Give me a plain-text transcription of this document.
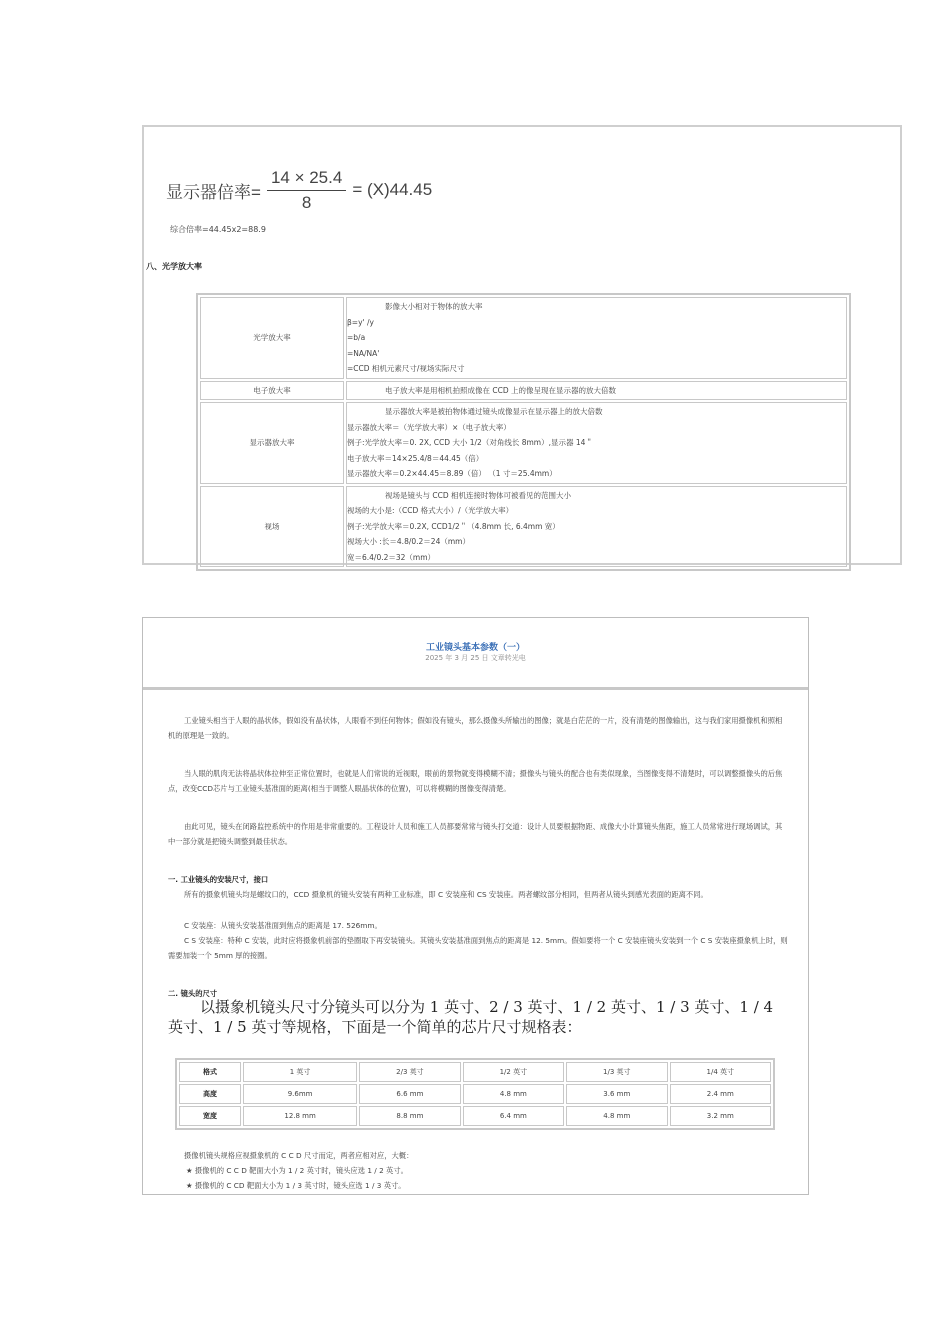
显示器倍率= $\frac{14 \times 25.4}{8} = (X)44.45$
综合倍率=44.45x2=88.9
八、光学放大率
光学放大率	影像大小相对于物体的放大率
β=y' /y
=b/a
=NA/NA'
=CCD 相机元素尺寸/视场实际尺寸

电子放大率	电子放大率是用相机拍照成像在 CCD 上的像呈现在显示器的放大倍数

显示器放大率	显示器放大率是被拍物体通过镜头成像显示在显示器上的放大倍数
显示器放大率＝（光学放大率）×（电子放大率）
例子:光学放大率＝0. 2X, CCD 大小 1/2（对角线长 8mm）,显示器 14＂
电子放大率＝14×25.4/8＝44.45（倍）
显示器放大率＝0.2×44.45＝8.89（倍） （1 寸＝25.4mm）

视场	视场是镜头与 CCD 相机连接时物体可被看见的范围大小
视场的大小是:（CCD 格式大小）/（光学放大率）
例子:光学放大率＝0.2X, CCD1/2＂（4.8mm 长, 6.4mm 宽）
视场大小 :长＝4.8/0.2＝24（mm）
宽＝6.4/0.2＝32（mm）
工业镜头基本参数（一）
2025 年 3 月 25 日 文章转光电
工业镜头相当于人眼的晶状体，假如没有晶状体，人眼看不到任何物体；假如没有镜头，那么摄像头所输出的图像；就是白茫茫的一片，没有清楚的图像输出，这与我们家用摄像机和照相机的原理是一致的。
当人眼的肌肉无法将晶状体拉伸至正常位置时，也就是人们常说的近视眼，眼前的景物就变得模糊不清；摄像头与镜头的配合也有类似现象，当图像变得不清楚时，可以调整摄像头的后焦点，改变CCD芯片与工业镜头基准面的距离(相当于调整人眼晶状体的位置)，可以将模糊的图像变得清楚。
由此可见，镜头在闭路监控系统中的作用是非常重要的。工程设计人员和施工人员都要常常与镜头打交道：设计人员要根据物距、成像大小计算镜头焦距，施工人员常常进行现场调试，其中一部分就是把镜头调整到最佳状态。
一. 工业镜头的安装尺寸，接口
所有的摄象机镜头均是螺纹口的，CCD 摄象机的镜头安装有两种工业标准，即 C 安装座和 CS 安装座。两者螺纹部分相同，但两者从镜头到感光表面的距离不同。
C 安装座：从镜头安装基准面到焦点的距离是 17. 526mm。
C S 安装座：特种 C 安装，此时应将摄象机前部的垫圈取下再安装镜头。其镜头安装基准面到焦点的距离是 12. 5mm。假如要将一个 C 安装座镜头安装到一个 C S 安装座摄象机上时，则需要加装一个 5mm 厚的接圈。
二. 镜头的尺寸
以摄象机镜头尺寸分镜头可以分为 1 英寸、2 / 3 英寸、1 / 2 英寸、1 / 3 英寸、1 / 4 英寸、1 / 5 英寸等规格，下面是一个简单的芯片尺寸规格表：
格式	1 英寸	2/3 英寸	1/2 英寸	1/3 英寸	1/4 英寸
高度	9.6mm	6.6 mm	4.8 mm	3.6 mm	2.4 mm
宽度	12.8 mm	8.8 mm	6.4 mm	4.8 mm	3.2 mm
摄像机镜头规格应视摄象机的 C C D 尺寸而定，两者应相对应，大概：
★ 摄像机的 C C D 靶面大小为 1 / 2 英寸时，镜头应选 1 / 2 英寸。
★ 摄像机的 C CD 靶面大小为 1 / 3 英寸时，镜头应选 1 / 3 英寸。
